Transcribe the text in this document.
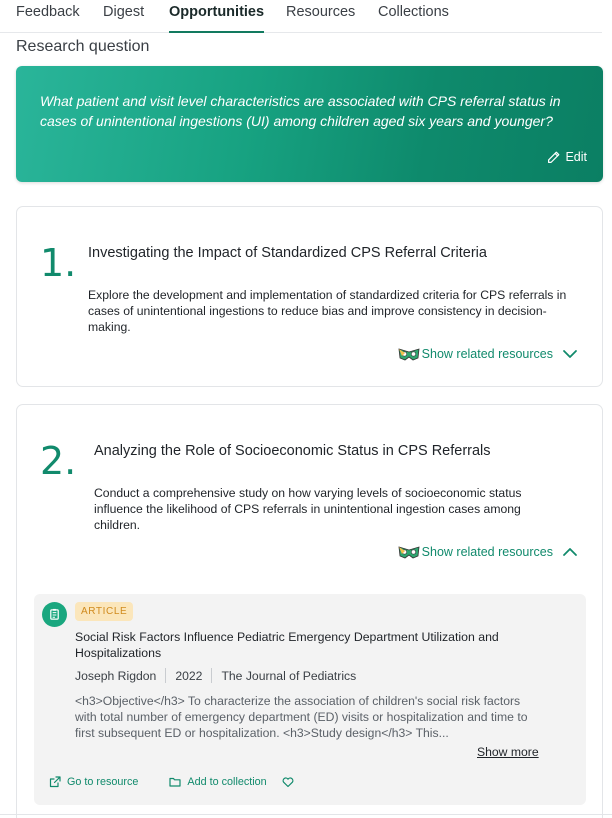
Feedback Digest Opportunities Resources Collections
Research question
What patient and visit level characteristics are associated with CPS referral status in cases of unintentional ingestions (UI) among children aged six years and younger?
Edit
1. Investigating the Impact of Standardized CPS Referral Criteria
Explore the development and implementation of standardized criteria for CPS referrals in cases of unintentional ingestions to reduce bias and improve consistency in decision-making.
Show related resources
2. Analyzing the Role of Socioeconomic Status in CPS Referrals
Conduct a comprehensive study on how varying levels of socioeconomic status influence the likelihood of CPS referrals in unintentional ingestion cases among children.
Show related resources
ARTICLE
Social Risk Factors Influence Pediatric Emergency Department Utilization and Hospitalizations
Joseph Rigdon 2022 The Journal of Pediatrics
<h3>Objective</h3> To characterize the association of children's social risk factors with total number of emergency department (ED) visits or hospitalization and time to first subsequent ED or hospitalization. <h3>Study design</h3> This...
Show more
Go to resource	Add to collection
